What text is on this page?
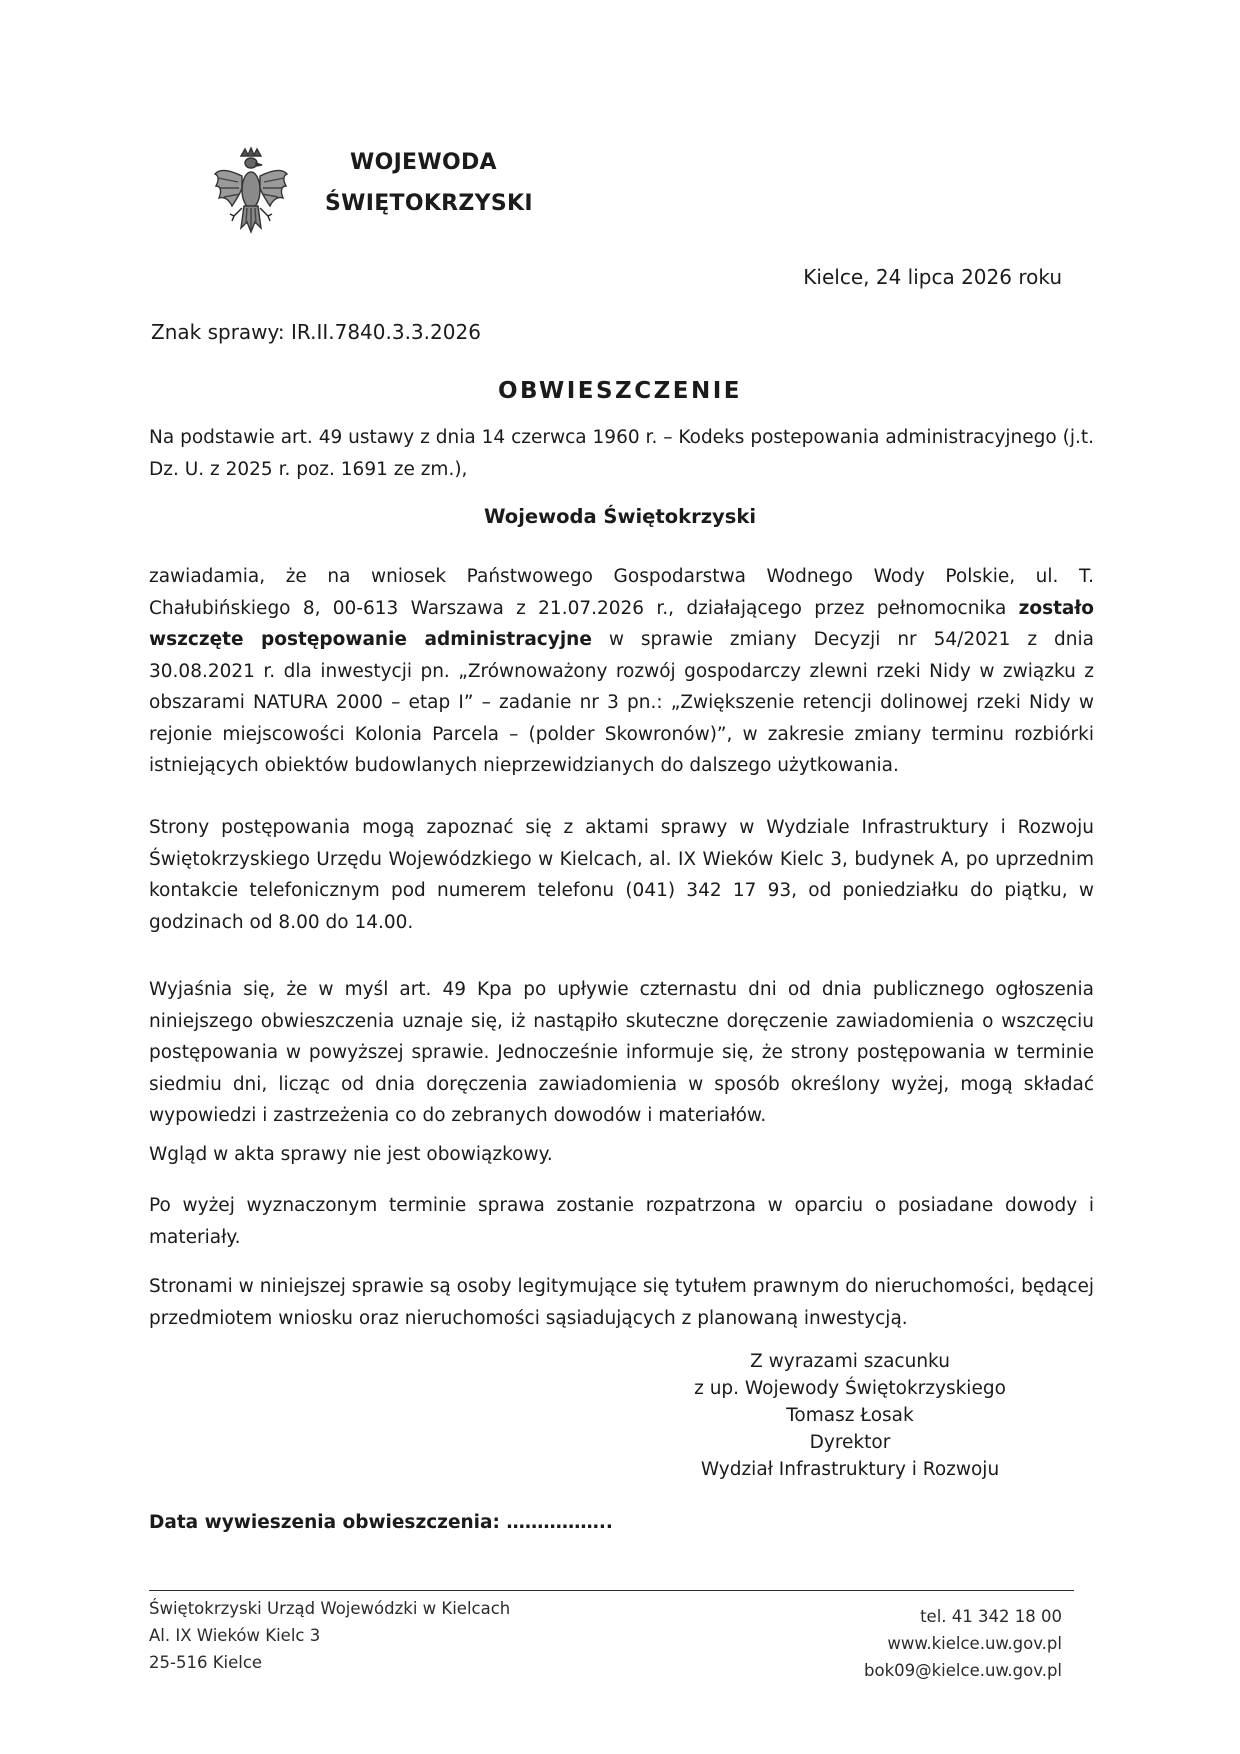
WOJEWODA
ŚWIĘTOKRZYSKI
Kielce, 24 lipca 2026 roku
Znak sprawy: IR.II.7840.3.3.2026
OBWIESZCZENIE

Na podstawie art. 49 ustawy z dnia 14 czerwca 1960 r. – Kodeks postepowania administracyjnego (j.t. Dz. U. z 2025 r. poz. 1691 ze zm.),

Wojewoda Świętokrzyski

zawiadamia, że na wniosek Państwowego Gospodarstwa Wodnego Wody Polskie, ul. T. Chałubińskiego 8, 00-613 Warszawa z 21.07.2026 r., działającego przez pełnomocnika zostało wszczęte postępowanie administracyjne w sprawie zmiany Decyzji nr 54/2021 z dnia 30.08.2021 r. dla inwestycji pn. „Zrównoważony rozwój gospodarczy zlewni rzeki Nidy w związku z obszarami NATURA 2000 – etap I” – zadanie nr 3 pn.: „Zwiększenie retencji dolinowej rzeki Nidy w rejonie miejscowości Kolonia Parcela – (polder Skowronów)”, w zakresie zmiany terminu rozbiórki istniejących obiektów budowlanych nieprzewidzianych do dalszego użytkowania.

Strony postępowania mogą zapoznać się z aktami sprawy w Wydziale Infrastruktury i Rozwoju Świętokrzyskiego Urzędu Wojewódzkiego w Kielcach, al. IX Wieków Kielc 3, budynek A, po uprzednim kontakcie telefonicznym pod numerem telefonu (041) 342 17 93, od poniedziałku do piątku, w godzinach od 8.00 do 14.00.

Wyjaśnia się, że w myśl art. 49 Kpa po upływie czternastu dni od dnia publicznego ogłoszenia niniejszego obwieszczenia uznaje się, iż nastąpiło skuteczne doręczenie zawiadomienia o wszczęciu postępowania w powyższej sprawie. Jednocześnie informuje się, że strony postępowania w terminie siedmiu dni, licząc od dnia doręczenia zawiadomienia w sposób określony wyżej, mogą składać wypowiedzi i zastrzeżenia co do zebranych dowodów i materiałów.

Wgląd w akta sprawy nie jest obowiązkowy.

Po wyżej wyznaczonym terminie sprawa zostanie rozpatrzona w oparciu o posiadane dowody i materiały.

Stronami w niniejszej sprawie są osoby legitymujące się tytułem prawnym do nieruchomości, będącej przedmiotem wniosku oraz nieruchomości sąsiadujących z planowaną inwestycją.

Z wyrazami szacunku
z up. Wojewody Świętokrzyskiego
Tomasz Łosak
Dyrektor
Wydział Infrastruktury i Rozwoju
Data wywieszenia obwieszczenia: ……………..
Świętokrzyski Urząd Wojewódzki w Kielcach
Al. IX Wieków Kielc 3
25-516 Kielce
tel. 41 342 18 00
www.kielce.uw.gov.pl
bok09@kielce.uw.gov.pl
